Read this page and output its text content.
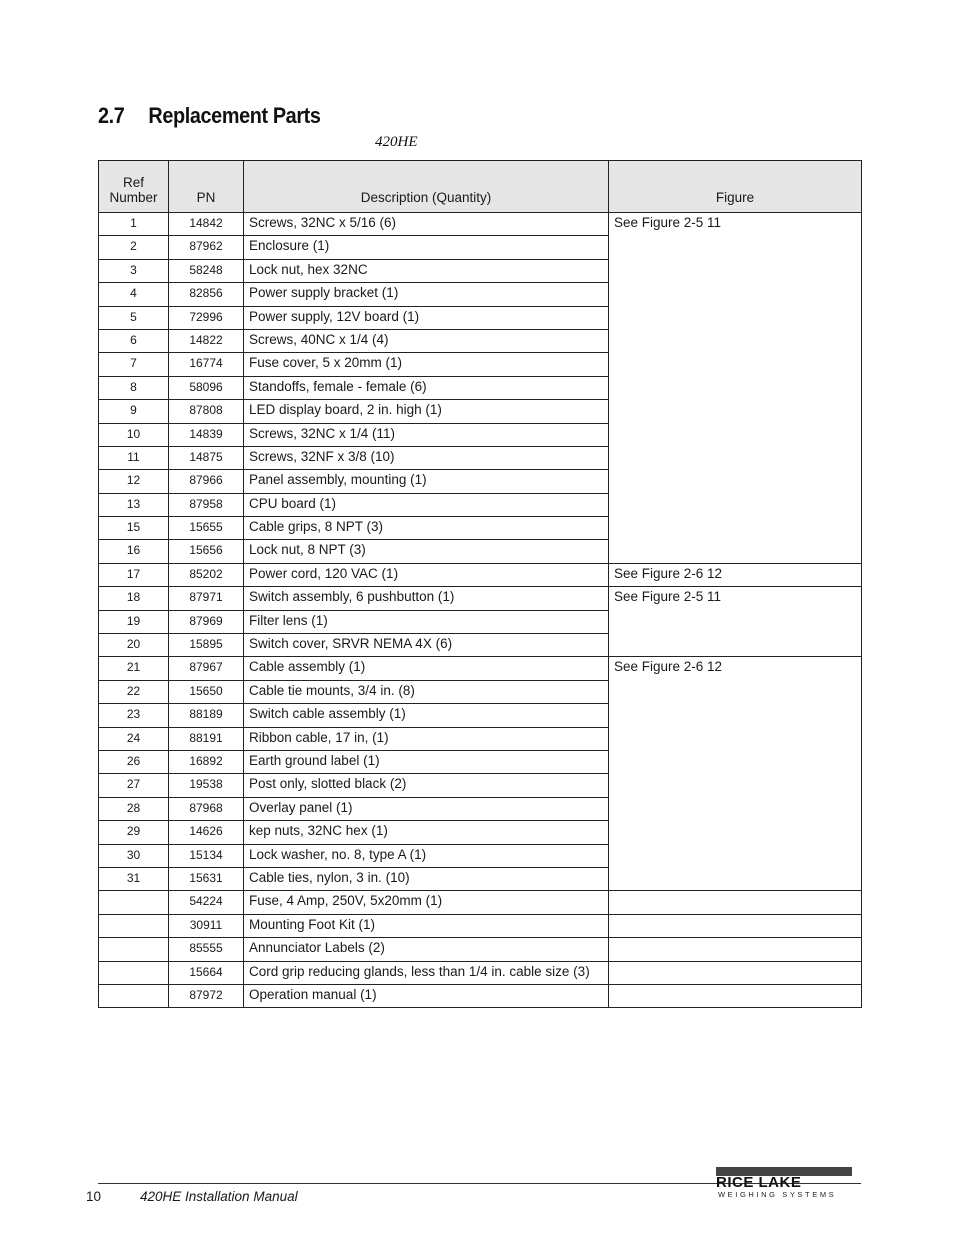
2.7 Replacement Parts
420HE
Ref
Number	PN	Description (Quantity)	Figure
1	14842	Screws, 32NC x 5/16 (6)	See Figure 2-5 11
2	87962	Enclosure (1)	
3	58248	Lock nut, hex 32NC	
4	82856	Power supply bracket (1)	
5	72996	Power supply, 12V board (1)	
6	14822	Screws, 40NC x 1/4 (4)	
7	16774	Fuse cover, 5 x 20mm (1)	
8	58096	Standoffs, female - female (6)	
9	87808	LED display board, 2 in. high (1)	
10	14839	Screws, 32NC x 1/4 (11)	
11	14875	Screws, 32NF x 3/8 (10)	
12	87966	Panel assembly, mounting (1)	
13	87958	CPU board (1)	
15	15655	Cable grips, 8 NPT (3)	
16	15656	Lock nut, 8 NPT (3)	
17	85202	Power cord, 120 VAC (1)	See Figure 2-6 12
18	87971	Switch assembly, 6 pushbutton (1)	See Figure 2-5 11
19	87969	Filter lens (1)	
20	15895	Switch cover, SRVR NEMA 4X (6)	
21	87967	Cable assembly (1)	See Figure 2-6 12
22	15650	Cable tie mounts, 3/4 in. (8)	
23	88189	Switch cable assembly (1)	
24	88191	Ribbon cable, 17 in, (1)	
26	16892	Earth ground label (1)	
27	19538	Post only, slotted black (2)	
28	87968	Overlay panel (1)	
29	14626	kep nuts, 32NC hex (1)	
30	15134	Lock washer, no. 8, type A (1)	
31	15631	Cable ties, nylon, 3 in. (10)	
	54224	Fuse, 4 Amp, 250V, 5x20mm (1)	
	30911	Mounting Foot Kit (1)	
	85555	Annunciator Labels (2)	
	15664	Cord grip reducing glands, less than 1/4 in. cable size (3)	
	87972	Operation manual (1)	
10	420HE Installation Manual
RICE LAKE
WEIGHING SYSTEMS
